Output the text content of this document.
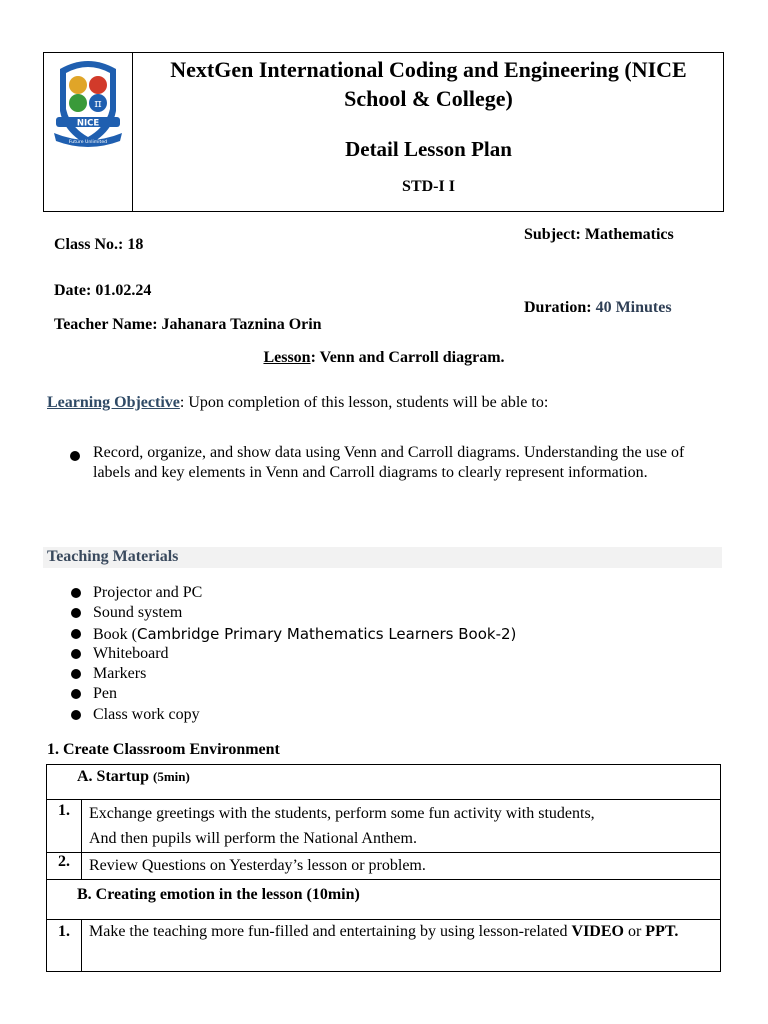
π
NICE
Future Unlimited
NextGen International Coding and Engineering (NICE School & College)
Detail Lesson Plan
STD-I I
Class No.: 18
Subject: Mathematics
Date: 01.02.24
Duration: 40 Minutes
Teacher Name: Jahanara Taznina Orin
Lesson: Venn and Carroll diagram.
Learning Objective: Upon completion of this lesson, students will be able to:
Record, organize, and show data using Venn and Carroll diagrams. Understanding the use of labels and key elements in Venn and Carroll diagrams to clearly represent information.
Teaching Materials
Projector and PC
Sound system
Book (Cambridge Primary Mathematics Learners Book-2)
Whiteboard
Markers
Pen
Class work copy
1. Create Classroom Environment
A. Startup (5min)	
1.	Exchange greetings with the students, perform some fun activity with students,
And then pupils will perform the National Anthem.

2.	Review Questions on Yesterday’s lesson or problem.
B. Creating emotion in the lesson (10min)	
1.	Make the teaching more fun-filled and entertaining by using lesson-related VIDEO or PPT.
